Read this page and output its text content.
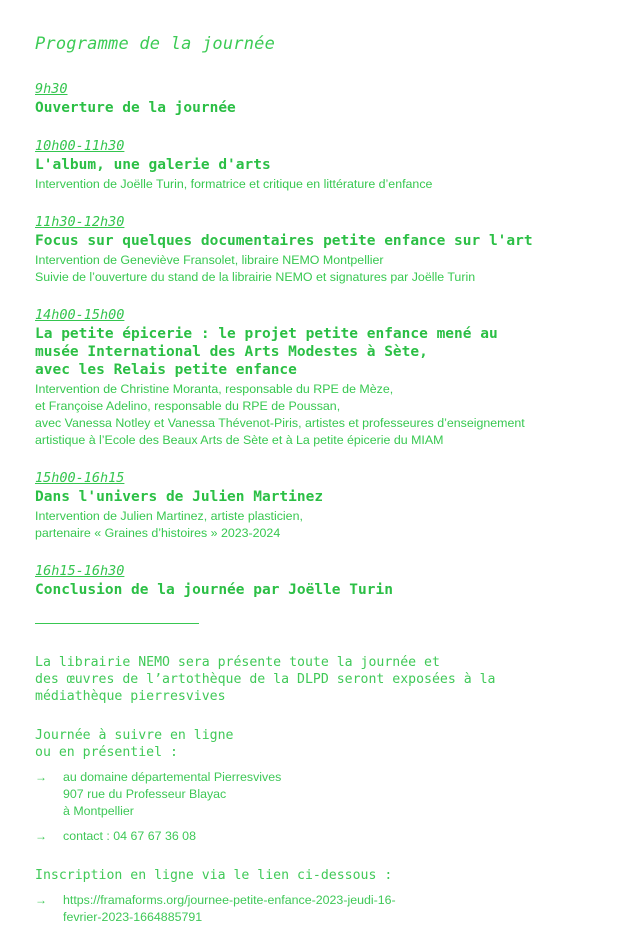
Programme de la journée
9h30
Ouverture de la journée
10h00-11h30
L'album, une galerie d'arts
Intervention de Joëlle Turin, formatrice et critique en littérature d’enfance
11h30-12h30
Focus sur quelques documentaires petite enfance sur l'art
Intervention de Geneviève Fransolet, libraire NEMO Montpellier
Suivie de l’ouverture du stand de la librairie NEMO et signatures par Joëlle Turin
14h00-15h00
La petite épicerie : le projet petite enfance mené au
musée International des Arts Modestes à Sète,
avec les Relais petite enfance
Intervention de Christine Moranta, responsable du RPE de Mèze,
et Françoise Adelino, responsable du RPE de Poussan,
avec Vanessa Notley et Vanessa Thévenot-Piris, artistes et professeures d’enseignement
artistique à l’Ecole des Beaux Arts de Sète et à La petite épicerie du MIAM
15h00-16h15
Dans l'univers de Julien Martinez
Intervention de Julien Martinez, artiste plasticien,
partenaire « Graines d’histoires » 2023-2024
16h15-16h30
Conclusion de la journée par Joëlle Turin
La librairie NEMO sera présente toute la journée et
des œuvres de l’artothèque de la DLPD seront exposées à la
médiathèque pierresvives
Journée à suivre en ligne
ou en présentiel :
→	au domaine départemental Pierresvives
907 rue du Professeur Blayac
à Montpellier
→	contact : 04 67 67 36 08
Inscription en ligne via le lien ci-dessous :
→	https://framaforms.org/journee-petite-enfance-2023-jeudi-16-
fevrier-2023-1664885791
